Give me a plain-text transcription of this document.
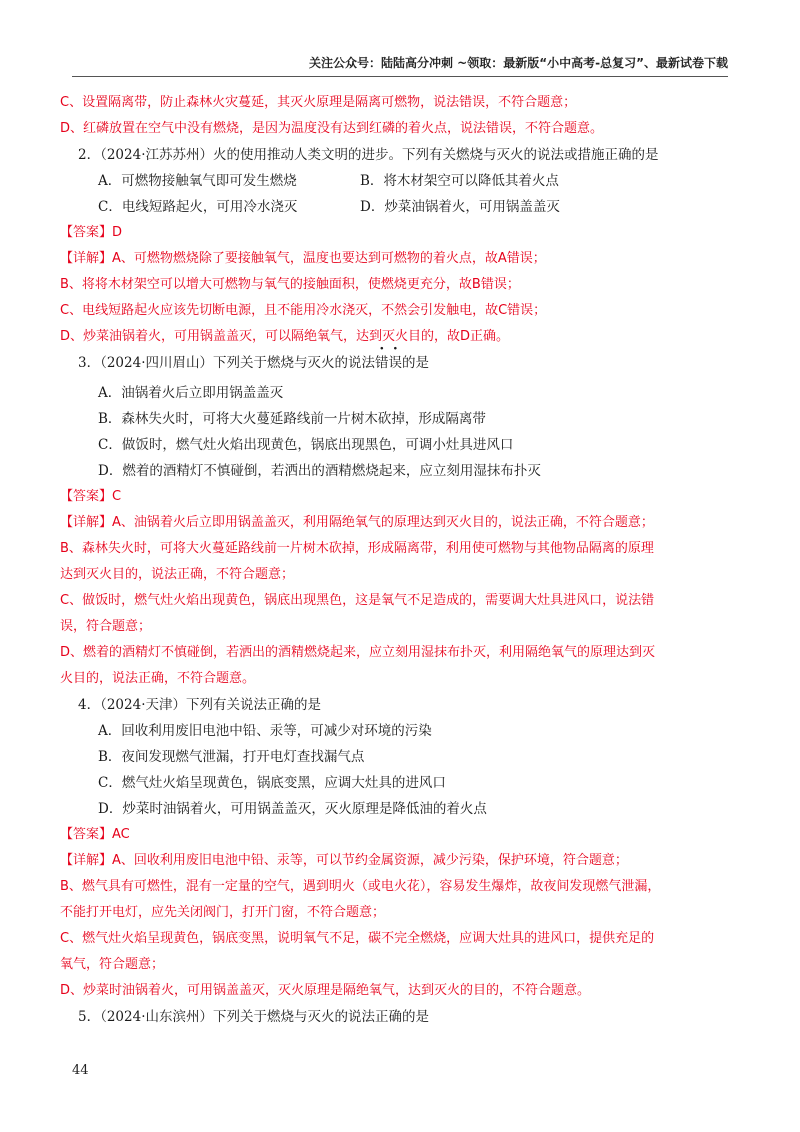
关注公众号：陆陆高分冲刺 ~领取：最新版“小中高考-总复习”、最新试卷下载
C、设置隔离带，防止森林火灾蔓延，其灭火原理是隔离可燃物，说法错误，不符合题意；
D、红磷放置在空气中没有燃烧，是因为温度没有达到红磷的着火点，说法错误，不符合题意。
2．（2024·江苏苏州）火的使用推动人类文明的进步。下列有关燃烧与灭火的说法或措施正确的是
A．可燃物接触氧气即可发生燃烧	B．将木材架空可以降低其着火点
C．电线短路起火，可用冷水浇灭	D．炒菜油锅着火，可用锅盖盖灭
【答案】D
【详解】A、可燃物燃烧除了要接触氧气，温度也要达到可燃物的着火点，故A错误；
B、将将木材架空可以增大可燃物与氧气的接触面积，使燃烧更充分，故B错误；
C、电线短路起火应该先切断电源，且不能用冷水浇灭，不然会引发触电，故C错误；
D、炒菜油锅着火，可用锅盖盖灭，可以隔绝氧气，达到灭火目的，故D正确。
3．（2024·四川眉山）下列关于燃烧与灭火的说法错误的是
A．油锅着火后立即用锅盖盖灭
B．森林失火时，可将大火蔓延路线前一片树木砍掉，形成隔离带
C．做饭时，燃气灶火焰出现黄色，锅底出现黑色，可调小灶具进风口
D．燃着的酒精灯不慎碰倒，若洒出的酒精燃烧起来，应立刻用湿抹布扑灭
【答案】C
【详解】A、油锅着火后立即用锅盖盖灭，利用隔绝氧气的原理达到灭火目的，说法正确，不符合题意；
B、森林失火时，可将大火蔓延路线前一片树木砍掉，形成隔离带，利用使可燃物与其他物品隔离的原理
达到灭火目的，说法正确，不符合题意；
C、做饭时，燃气灶火焰出现黄色，锅底出现黑色，这是氧气不足造成的，需要调大灶具进风口，说法错
误，符合题意；
D、燃着的酒精灯不慎碰倒，若洒出的酒精燃烧起来，应立刻用湿抹布扑灭，利用隔绝氧气的原理达到灭
火目的，说法正确，不符合题意。
4．（2024·天津）下列有关说法正确的是
A．回收利用废旧电池中铅、汞等，可减少对环境的污染
B．夜间发现燃气泄漏，打开电灯查找漏气点
C．燃气灶火焰呈现黄色，锅底变黑，应调大灶具的进风口
D．炒菜时油锅着火，可用锅盖盖灭，灭火原理是降低油的着火点
【答案】AC
【详解】A、回收利用废旧电池中铅、汞等，可以节约金属资源，减少污染，保护环境，符合题意；
B、燃气具有可燃性，混有一定量的空气，遇到明火（或电火花），容易发生爆炸，故夜间发现燃气泄漏，
不能打开电灯，应先关闭阀门，打开门窗，不符合题意；
C、燃气灶火焰呈现黄色，锅底变黑，说明氧气不足，碳不完全燃烧，应调大灶具的进风口，提供充足的
氧气，符合题意；
D、炒菜时油锅着火，可用锅盖盖灭，灭火原理是隔绝氧气，达到灭火的目的，不符合题意。
5．（2024·山东滨州）下列关于燃烧与灭火的说法正确的是
44
